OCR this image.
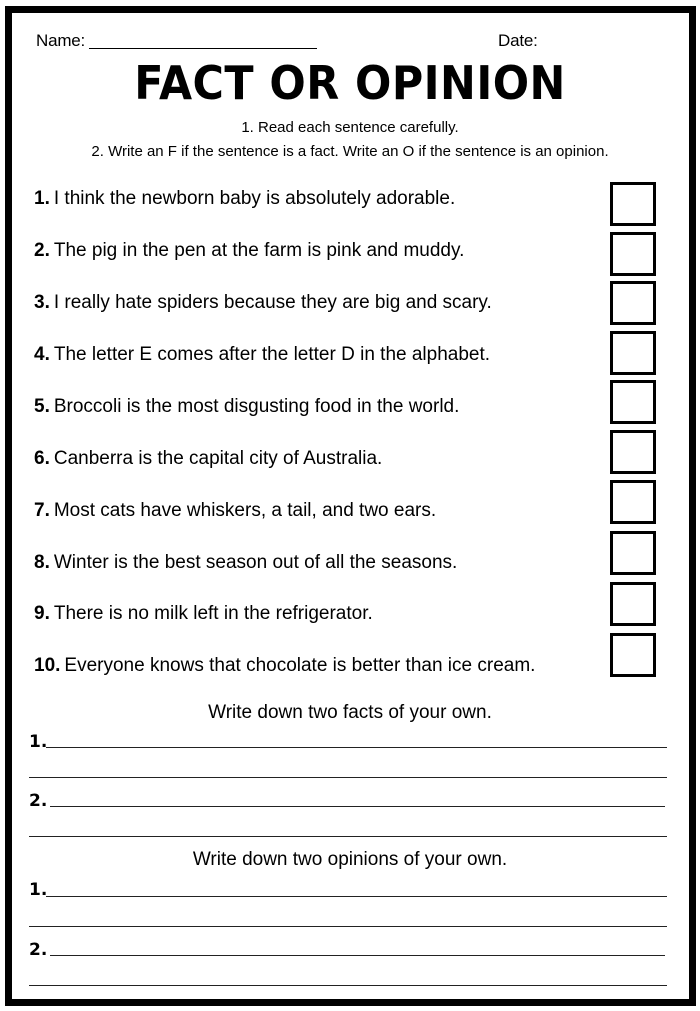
Name:	Date:
FACT OR OPINION
1. Read each sentence carefully.
2. Write an F if the sentence is a fact. Write an O if the sentence is an opinion.
1. I think the newborn baby is absolutely adorable.
2. The pig in the pen at the farm is pink and muddy.
3. I really hate spiders because they are big and scary.
4. The letter E comes after the letter D in the alphabet.
5. Broccoli is the most disgusting food in the world.
6. Canberra is the capital city of Australia.
7. Most cats have whiskers, a tail, and two ears.
8. Winter is the best season out of all the seasons.
9. There is no milk left in the refrigerator.
10. Everyone knows that chocolate is better than ice cream.
Write down two facts of your own.
1.
2.
Write down two opinions of your own.
1.
2.
